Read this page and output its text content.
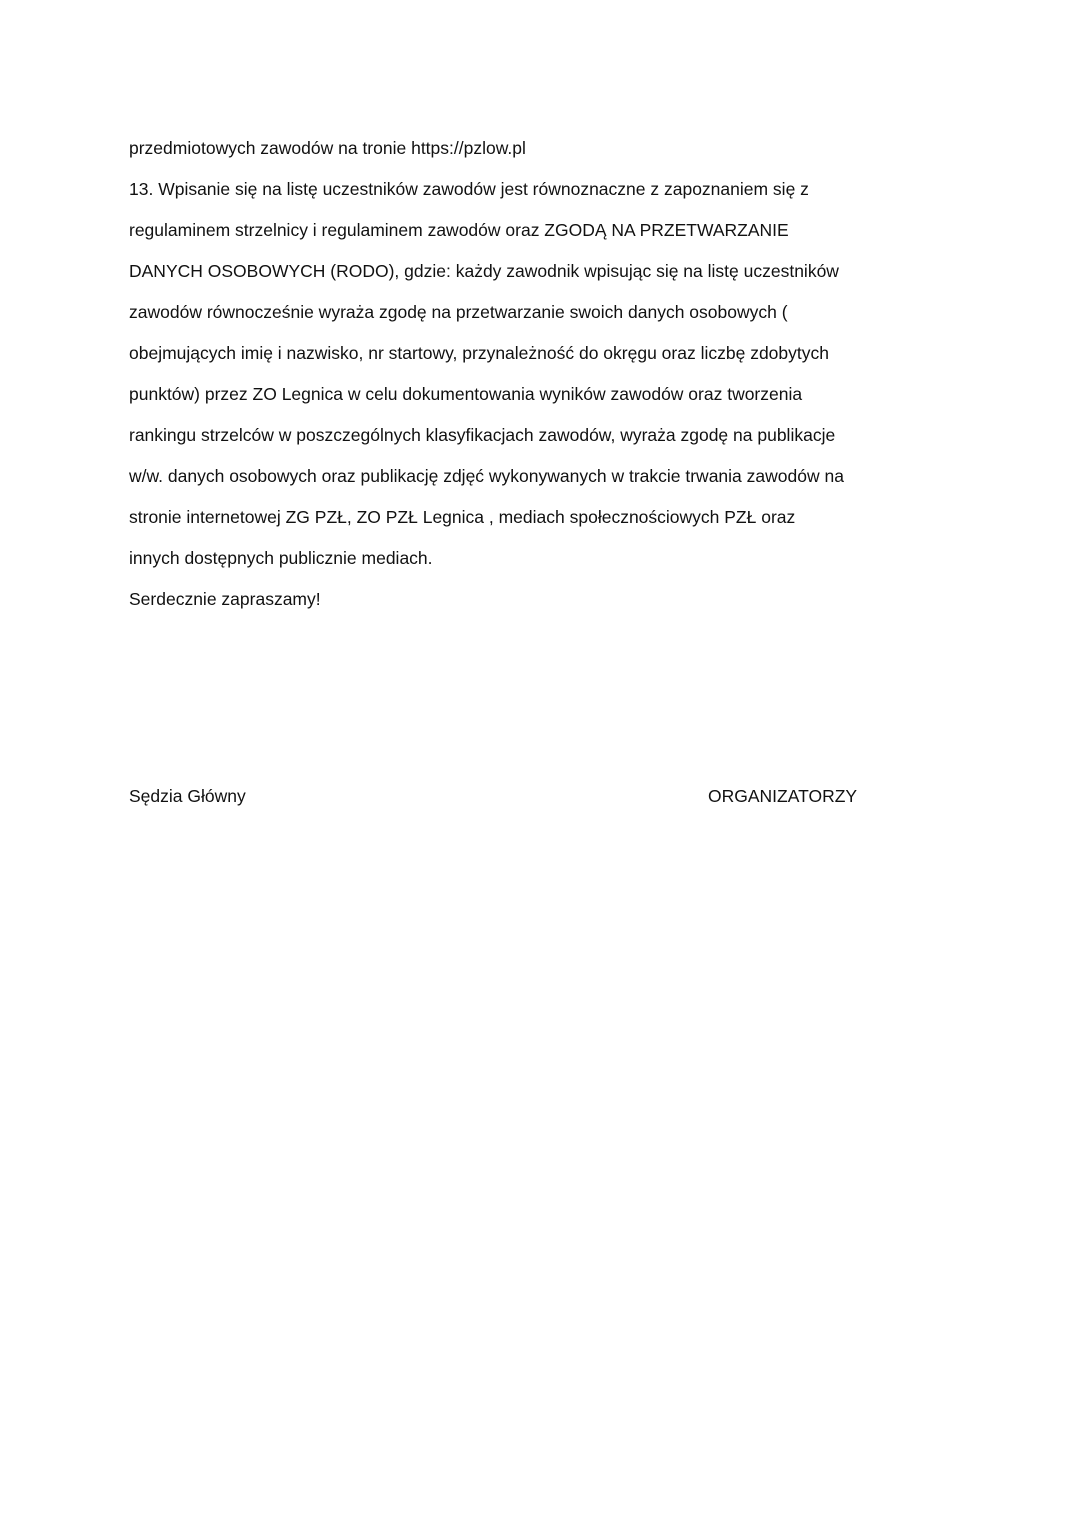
przedmiotowych zawodów na tronie https://pzlow.pl
13. Wpisanie się na listę uczestników zawodów jest równoznaczne z zapoznaniem się z
regulaminem strzelnicy i regulaminem zawodów oraz ZGODĄ NA PRZETWARZANIE
DANYCH OSOBOWYCH (RODO), gdzie: każdy zawodnik wpisując się na listę uczestników
zawodów równocześnie wyraża zgodę na przetwarzanie swoich danych osobowych (
obejmujących imię i nazwisko, nr startowy, przynależność do okręgu oraz liczbę zdobytych
punktów) przez ZO Legnica w celu dokumentowania wyników zawodów oraz tworzenia
rankingu strzelców w poszczególnych klasyfikacjach zawodów, wyraża zgodę na publikacje
w/w. danych osobowych oraz publikację zdjęć wykonywanych w trakcie trwania zawodów na
stronie internetowej ZG PZŁ, ZO PZŁ Legnica , mediach społecznościowych PZŁ oraz
innych dostępnych publicznie mediach.
Serdecznie zapraszamy!
Sędzia Główny	ORGANIZATORZY
